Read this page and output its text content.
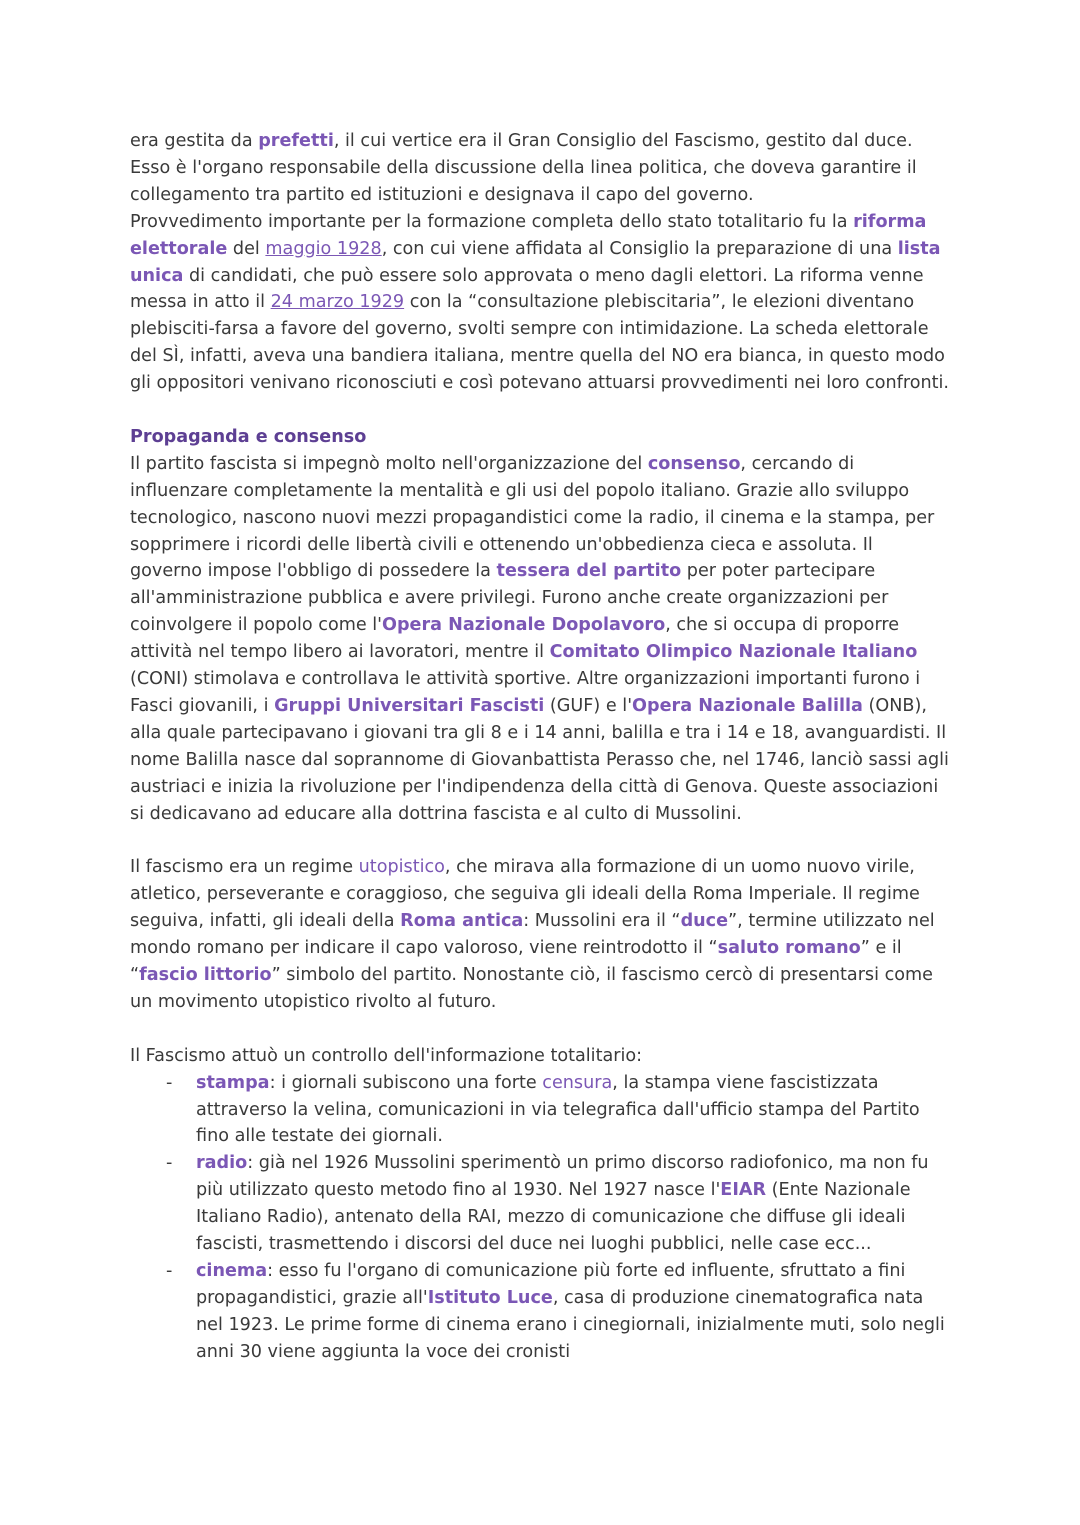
era gestita da prefetti, il cui vertice era il Gran Consiglio del Fascismo, gestito dal duce. Esso è l'organo responsabile della discussione della linea politica, che doveva garantire il collegamento tra partito ed istituzioni e designava il capo del governo.

Provvedimento importante per la formazione completa dello stato totalitario fu la riforma elettorale del maggio 1928, con cui viene affidata al Consiglio la preparazione di una lista unica di candidati, che può essere solo approvata o meno dagli elettori. La riforma venne messa in atto il 24 marzo 1929 con la “consultazione plebiscitaria”, le elezioni diventano plebisciti-farsa a favore del governo, svolti sempre con intimidazione. La scheda elettorale del SÌ, infatti, aveva una bandiera italiana, mentre quella del NO era bianca, in questo modo gli oppositori venivano riconosciuti e così potevano attuarsi provvedimenti nei loro confronti.

Propaganda e consenso

Il partito fascista si impegnò molto nell'organizzazione del consenso, cercando di influenzare completamente la mentalità e gli usi del popolo italiano. Grazie allo sviluppo tecnologico, nascono nuovi mezzi propagandistici come la radio, il cinema e la stampa, per sopprimere i ricordi delle libertà civili e ottenendo un'obbedienza cieca e assoluta. Il governo impose l'obbligo di possedere la tessera del partito per poter partecipare all'amministrazione pubblica e avere privilegi. Furono anche create organizzazioni per coinvolgere il popolo come l'Opera Nazionale Dopolavoro, che si occupa di proporre attività nel tempo libero ai lavoratori, mentre il Comitato Olimpico Nazionale Italiano (CONI) stimolava e controllava le attività sportive. Altre organizzazioni importanti furono i Fasci giovanili, i Gruppi Universitari Fascisti (GUF) e l'Opera Nazionale Balilla (ONB), alla quale partecipavano i giovani tra gli 8 e i 14 anni, balilla e tra i 14 e 18, avanguardisti. Il nome Balilla nasce dal soprannome di Giovanbattista Perasso che, nel 1746, lanciò sassi agli austriaci e inizia la rivoluzione per l'indipendenza della città di Genova. Queste associazioni si dedicavano ad educare alla dottrina fascista e al culto di Mussolini.

Il fascismo era un regime utopistico, che mirava alla formazione di un uomo nuovo virile, atletico, perseverante e coraggioso, che seguiva gli ideali della Roma Imperiale. Il regime seguiva, infatti, gli ideali della Roma antica: Mussolini era il “duce”, termine utilizzato nel mondo romano per indicare il capo valoroso, viene reintrodotto il “saluto romano” e il “fascio littorio” simbolo del partito. Nonostante ciò, il fascismo cercò di presentarsi come un movimento utopistico rivolto al futuro.

Il Fascismo attuò un controllo dell'informazione totalitario:

- stampa: i giornali subiscono una forte censura, la stampa viene fascistizzata attraverso la velina, comunicazioni in via telegrafica dall'ufficio stampa del Partito fino alle testate dei giornali.
- radio: già nel 1926 Mussolini sperimentò un primo discorso radiofonico, ma non fu più utilizzato questo metodo fino al 1930. Nel 1927 nasce l'EIAR (Ente Nazionale Italiano Radio), antenato della RAI, mezzo di comunicazione che diffuse gli ideali fascisti, trasmettendo i discorsi del duce nei luoghi pubblici, nelle case ecc...
- cinema: esso fu l'organo di comunicazione più forte ed influente, sfruttato a fini propagandistici, grazie all'Istituto Luce, casa di produzione cinematografica nata nel 1923. Le prime forme di cinema erano i cinegiornali, inizialmente muti, solo negli anni 30 viene aggiunta la voce dei cronisti
